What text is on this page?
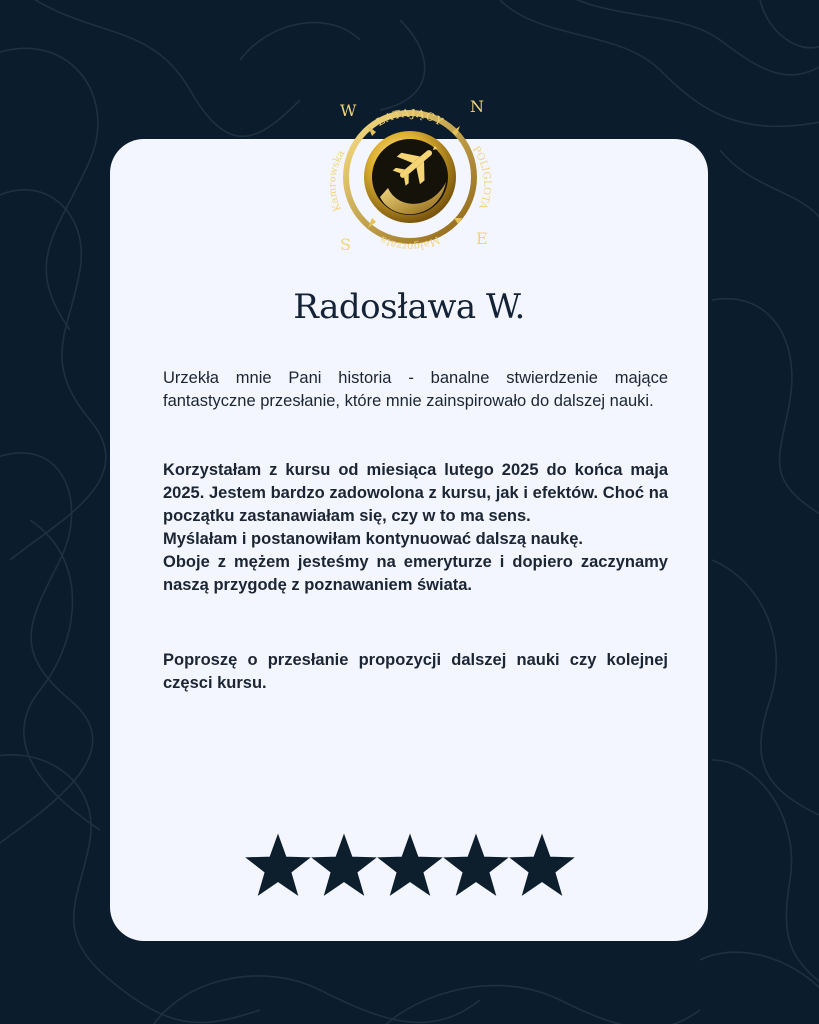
LATAJĄCY
POLIGLOTA
Małgorzata
Kamrowska
W	N
E
S
Radosława W.

Urzekła mnie Pani historia - banalne stwierdzenie mające fantastyczne przesłanie, które mnie zainspirowało do dalszej nauki.

Korzystałam z kursu od miesiąca lutego 2025 do końca maja 2025. Jestem bardzo zadowolona z kursu, jak i efektów. Choć na początku zastanawiałam się, czy w to ma sens.
Myślałam i postanowiłam kontynuować dalszą naukę.
Oboje z mężem jesteśmy na emeryturze i dopiero zaczynamy naszą przygodę z poznawaniem świata.

Poproszę o przesłanie propozycji dalszej nauki czy kolejnej częsci kursu.
